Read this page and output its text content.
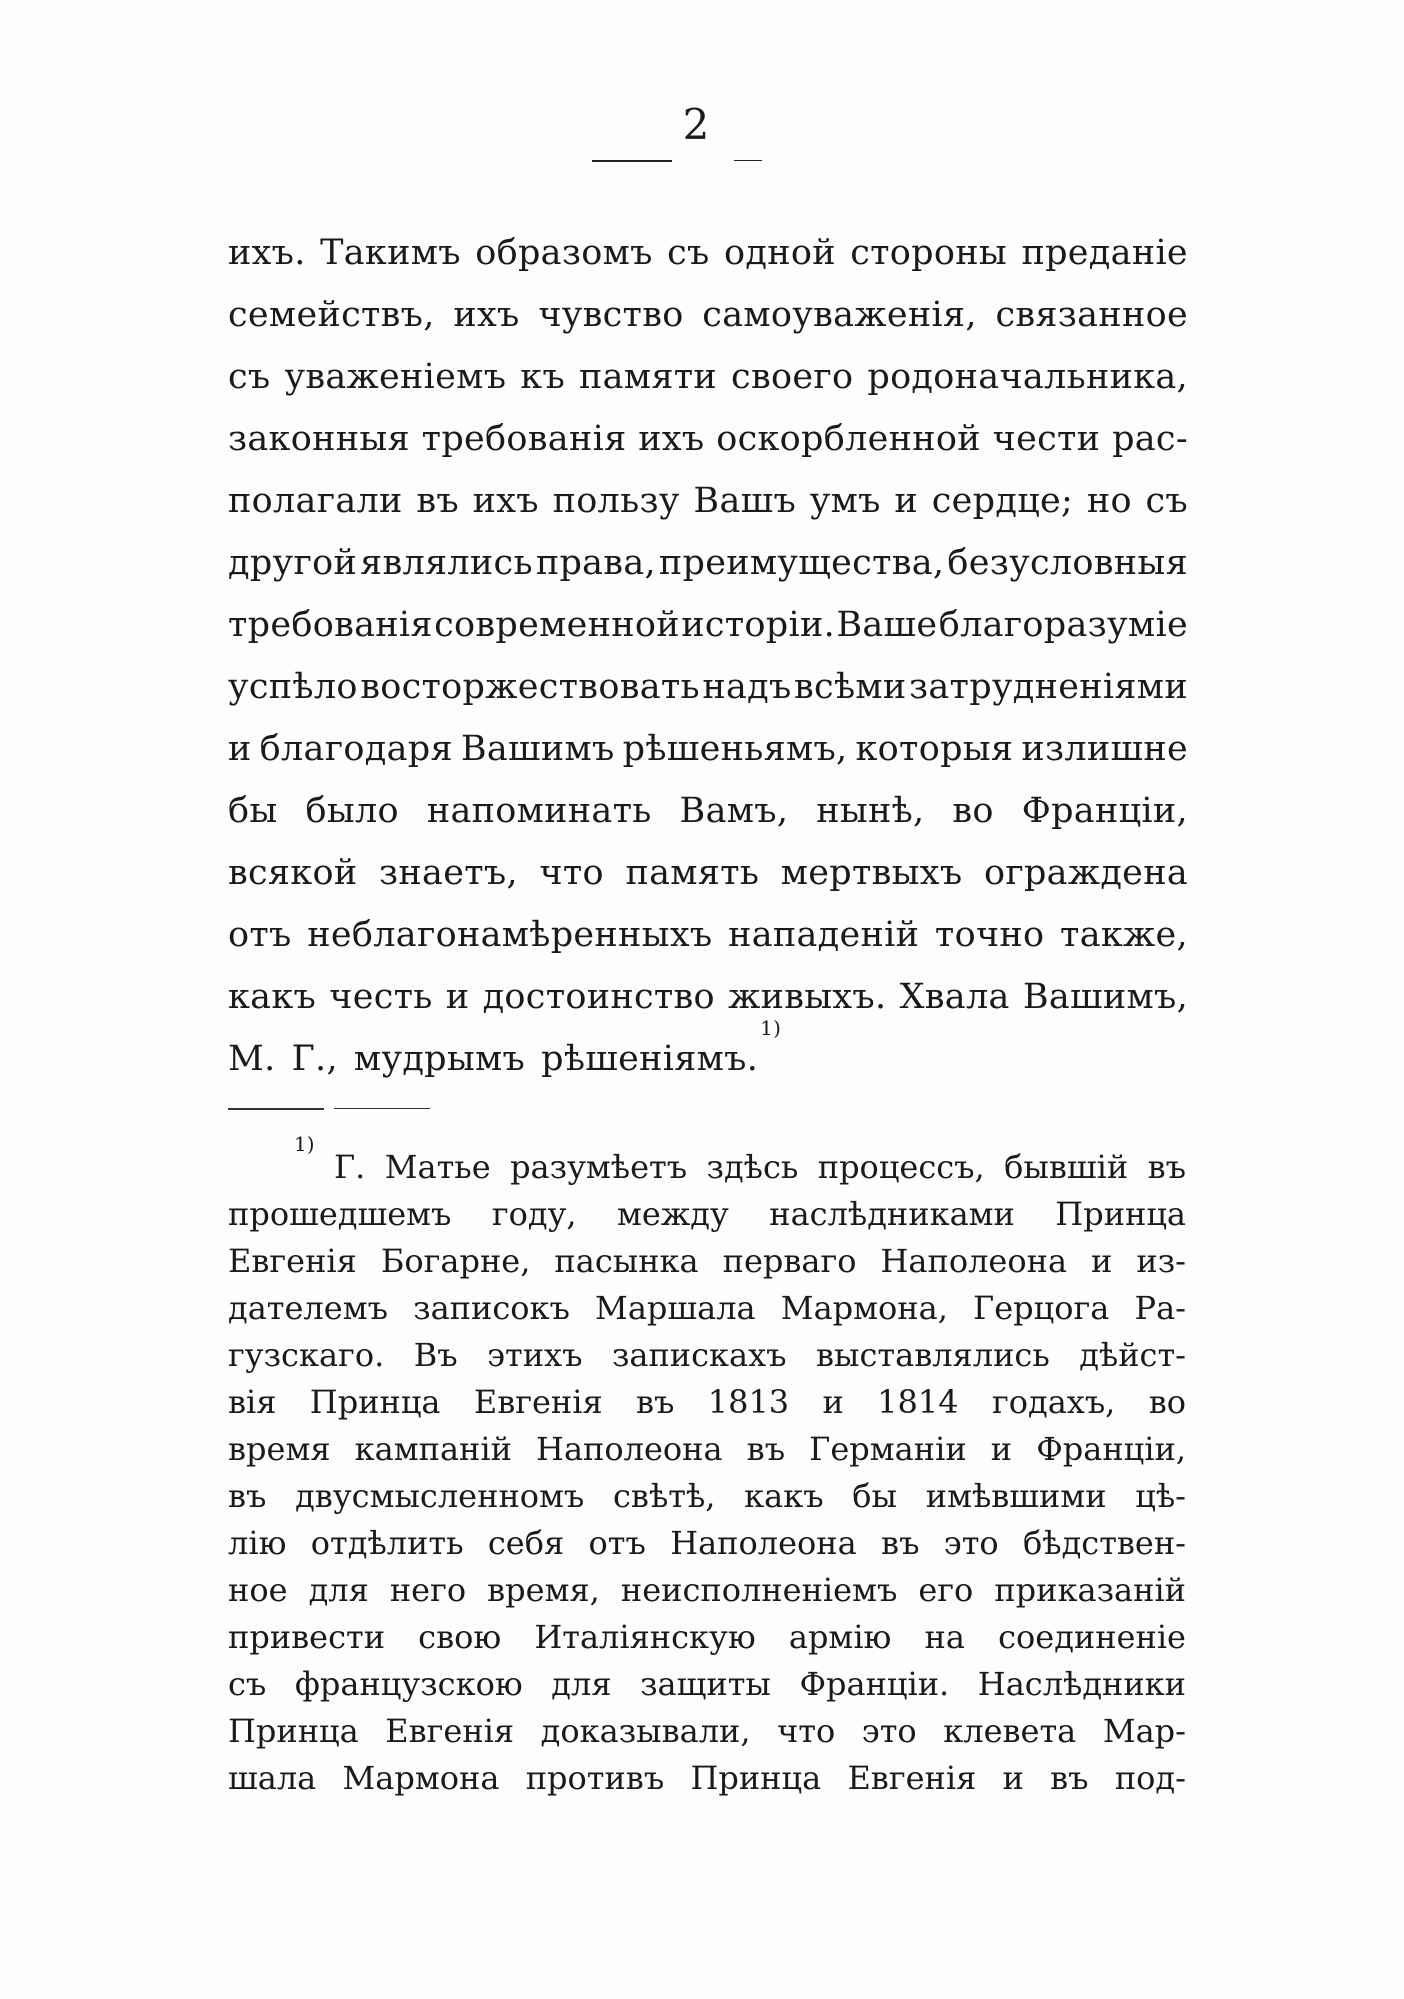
2
ихъ. Такимъ образомъ съ одной стороны преданіе
семействъ, ихъ чувство самоуваженія, связанное
съ уваженіемъ къ памяти своего родоначальника,
законныя требованія ихъ оскорбленной чести рас-
полагали въ ихъ пользу Вашъ умъ и сердце; но съ
другой являлись права, преимущества, безусловныя
требованія современной исторіи. Ваше благоразуміе
успѣло восторжествовать надъ всѣми затрудненіями
и благодаря Вашимъ рѣшеньямъ, которыя излишне
бы было напоминать Вамъ, нынѣ, во Франціи,
всякой знаетъ, что память мертвыхъ ограждена
отъ неблагонамѣренныхъ нападеній точно также,
какъ честь и достоинство живыхъ. Хвала Вашимъ,
М. Г., мудрымъ рѣшеніямъ.
1)
1)
Г. Матье разумѣетъ здѣсь процессъ, бывшій въ
прошедшемъ году, между наслѣдниками Принца
Евгенія Богарне, пасынка перваго Наполеона и из-
дателемъ записокъ Маршала Мармона, Герцога Ра-
гузскаго. Въ этихъ запискахъ выставлялись дѣйст-
вія Принца Евгенія въ 1813 и 1814 годахъ, во
время кампаній Наполеона въ Германіи и Франціи,
въ двусмысленномъ свѣтѣ, какъ бы имѣвшими цѣ-
лію отдѣлить себя отъ Наполеона въ это бѣдствен-
ное для него время, неисполненіемъ его приказаній
привести свою Италіянскую армію на соединеніе
съ французскою для защиты Франціи. Наслѣдники
Принца Евгенія доказывали, что это клевета Мар-
шала Мармона противъ Принца Евгенія и въ под-
